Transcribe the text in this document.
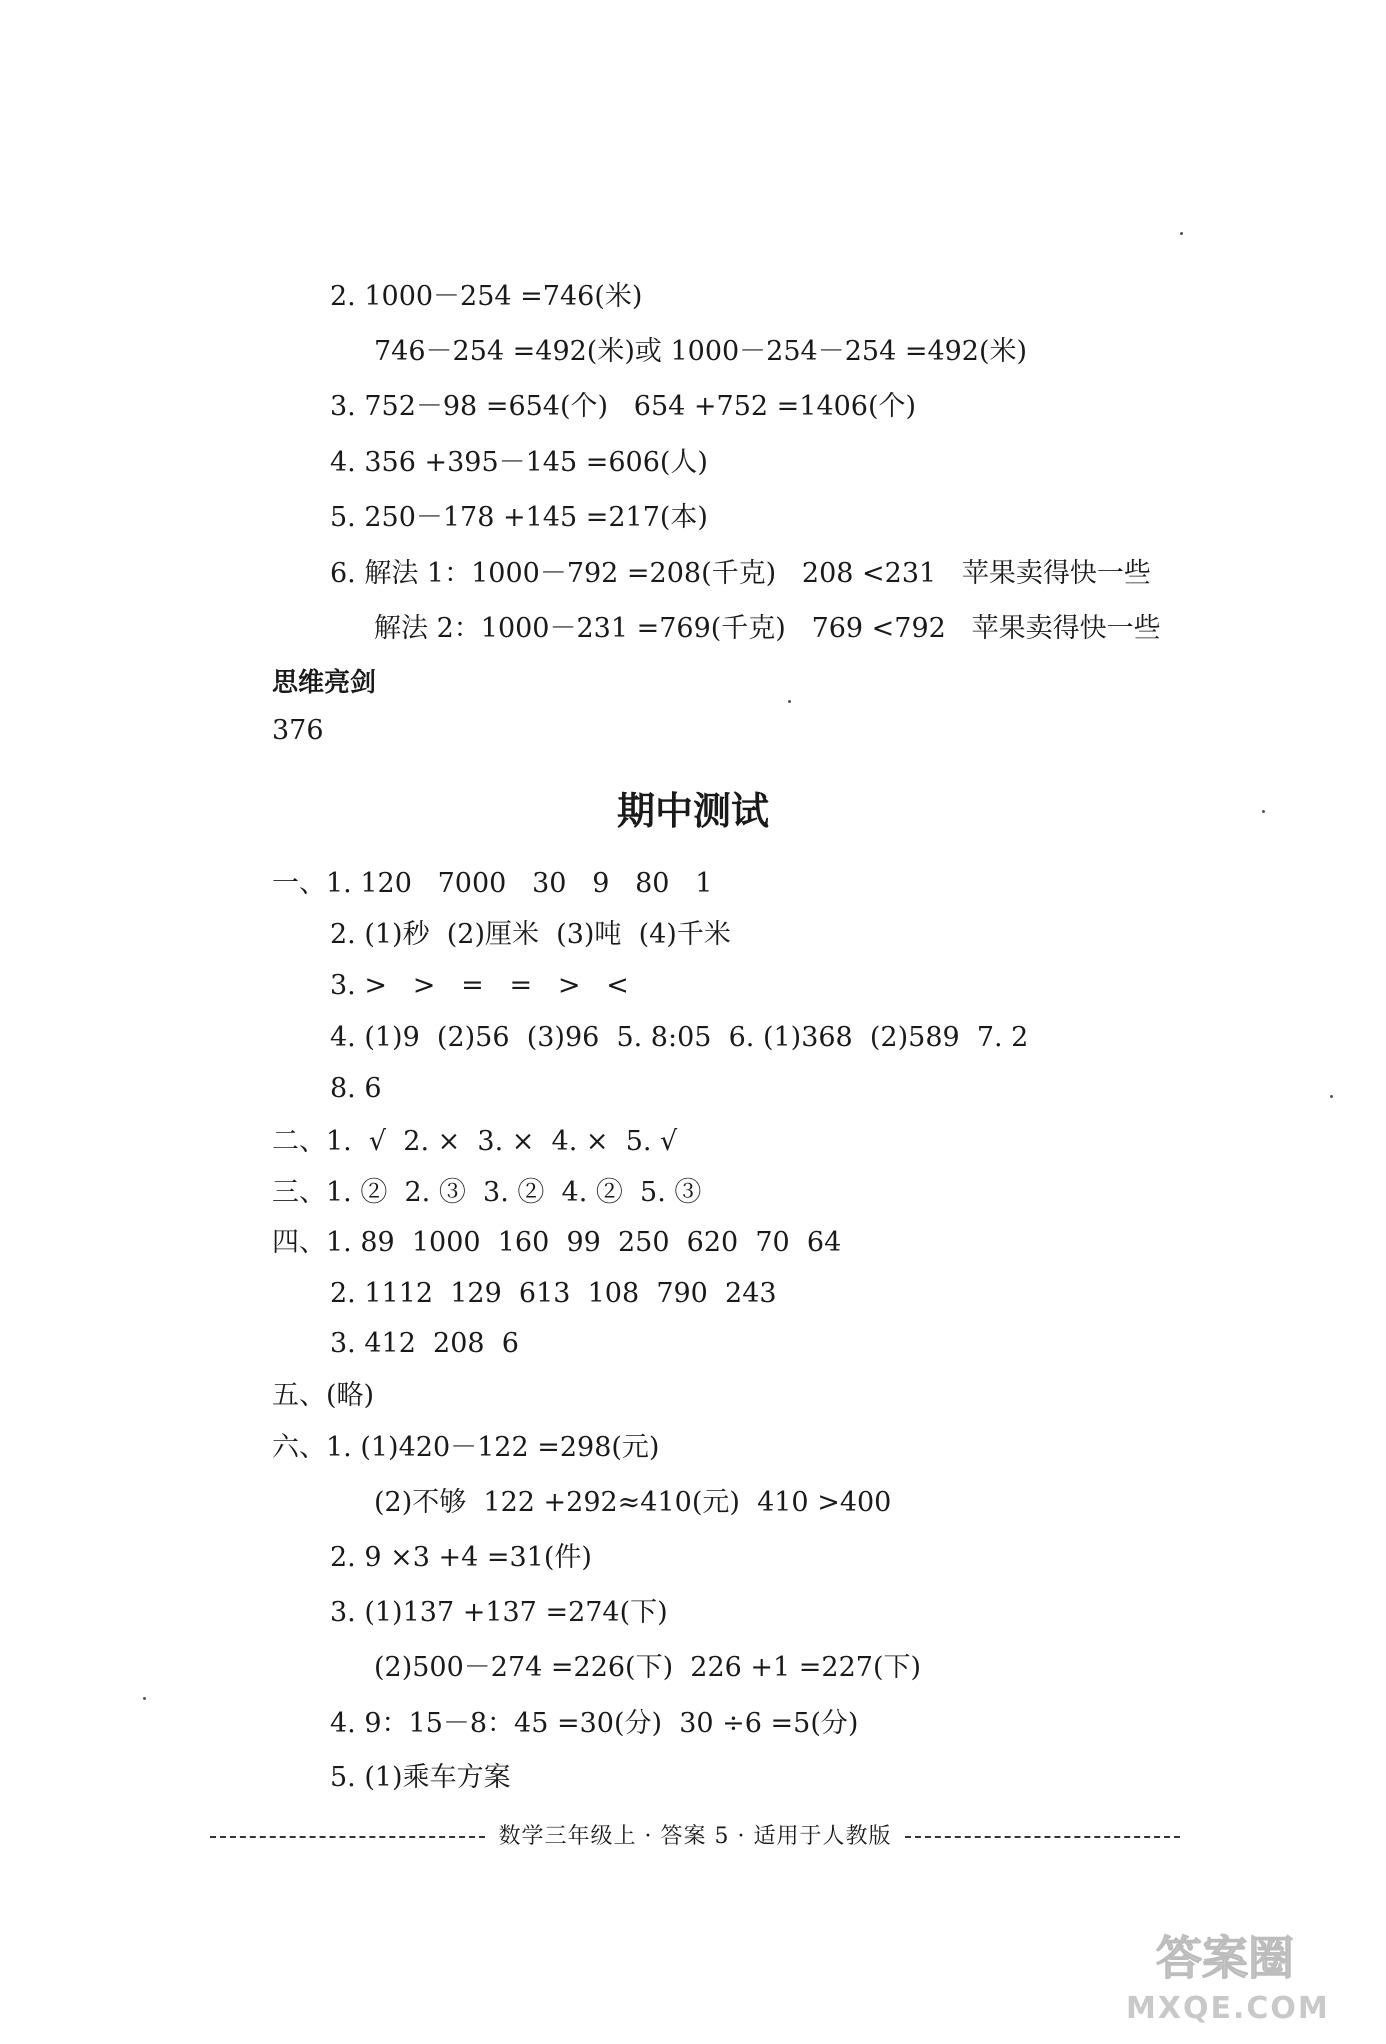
2. 1000－254 =746(米)
746－254 =492(米)或 1000－254－254 =492(米)
3. 752－98 =654(个)   654 +752 =1406(个)
4. 356 +395－145 =606(人)
5. 250－178 +145 =217(本)
6. 解法 1：1000－792 =208(千克)   208 <231   苹果卖得快一些
解法 2：1000－231 =769(千克)   769 <792   苹果卖得快一些
思维亮剑
376
期中测试
一、1. 120   7000   30   9   80   1
2. (1)秒  (2)厘米  (3)吨  (4)千米
3. >   >   =   =   >   <
4. (1)9  (2)56  (3)96  5. 8:05  6. (1)368  (2)589  7. 2
8. 6
二、1.  √  2. ×  3. ×  4. ×  5. √
三、1. ②  2. ③  3. ②  4. ②  5. ③
四、1. 89  1000  160  99  250  620  70  64
2. 1112  129  613  108  790  243
3. 412  208  6
五、(略)
六、1. (1)420－122 =298(元)
(2)不够  122 +292≈410(元)  410 >400
2. 9 ×3 +4 =31(件)
3. (1)137 +137 =274(下)
(2)500－274 =226(下)  226 +1 =227(下)
4. 9：15－8：45 =30(分)  30 ÷6 =5(分)
5. (1)乘车方案
数学三年级上 · 答案 5 · 适用于人教版
答案圈
MXQE.COM
